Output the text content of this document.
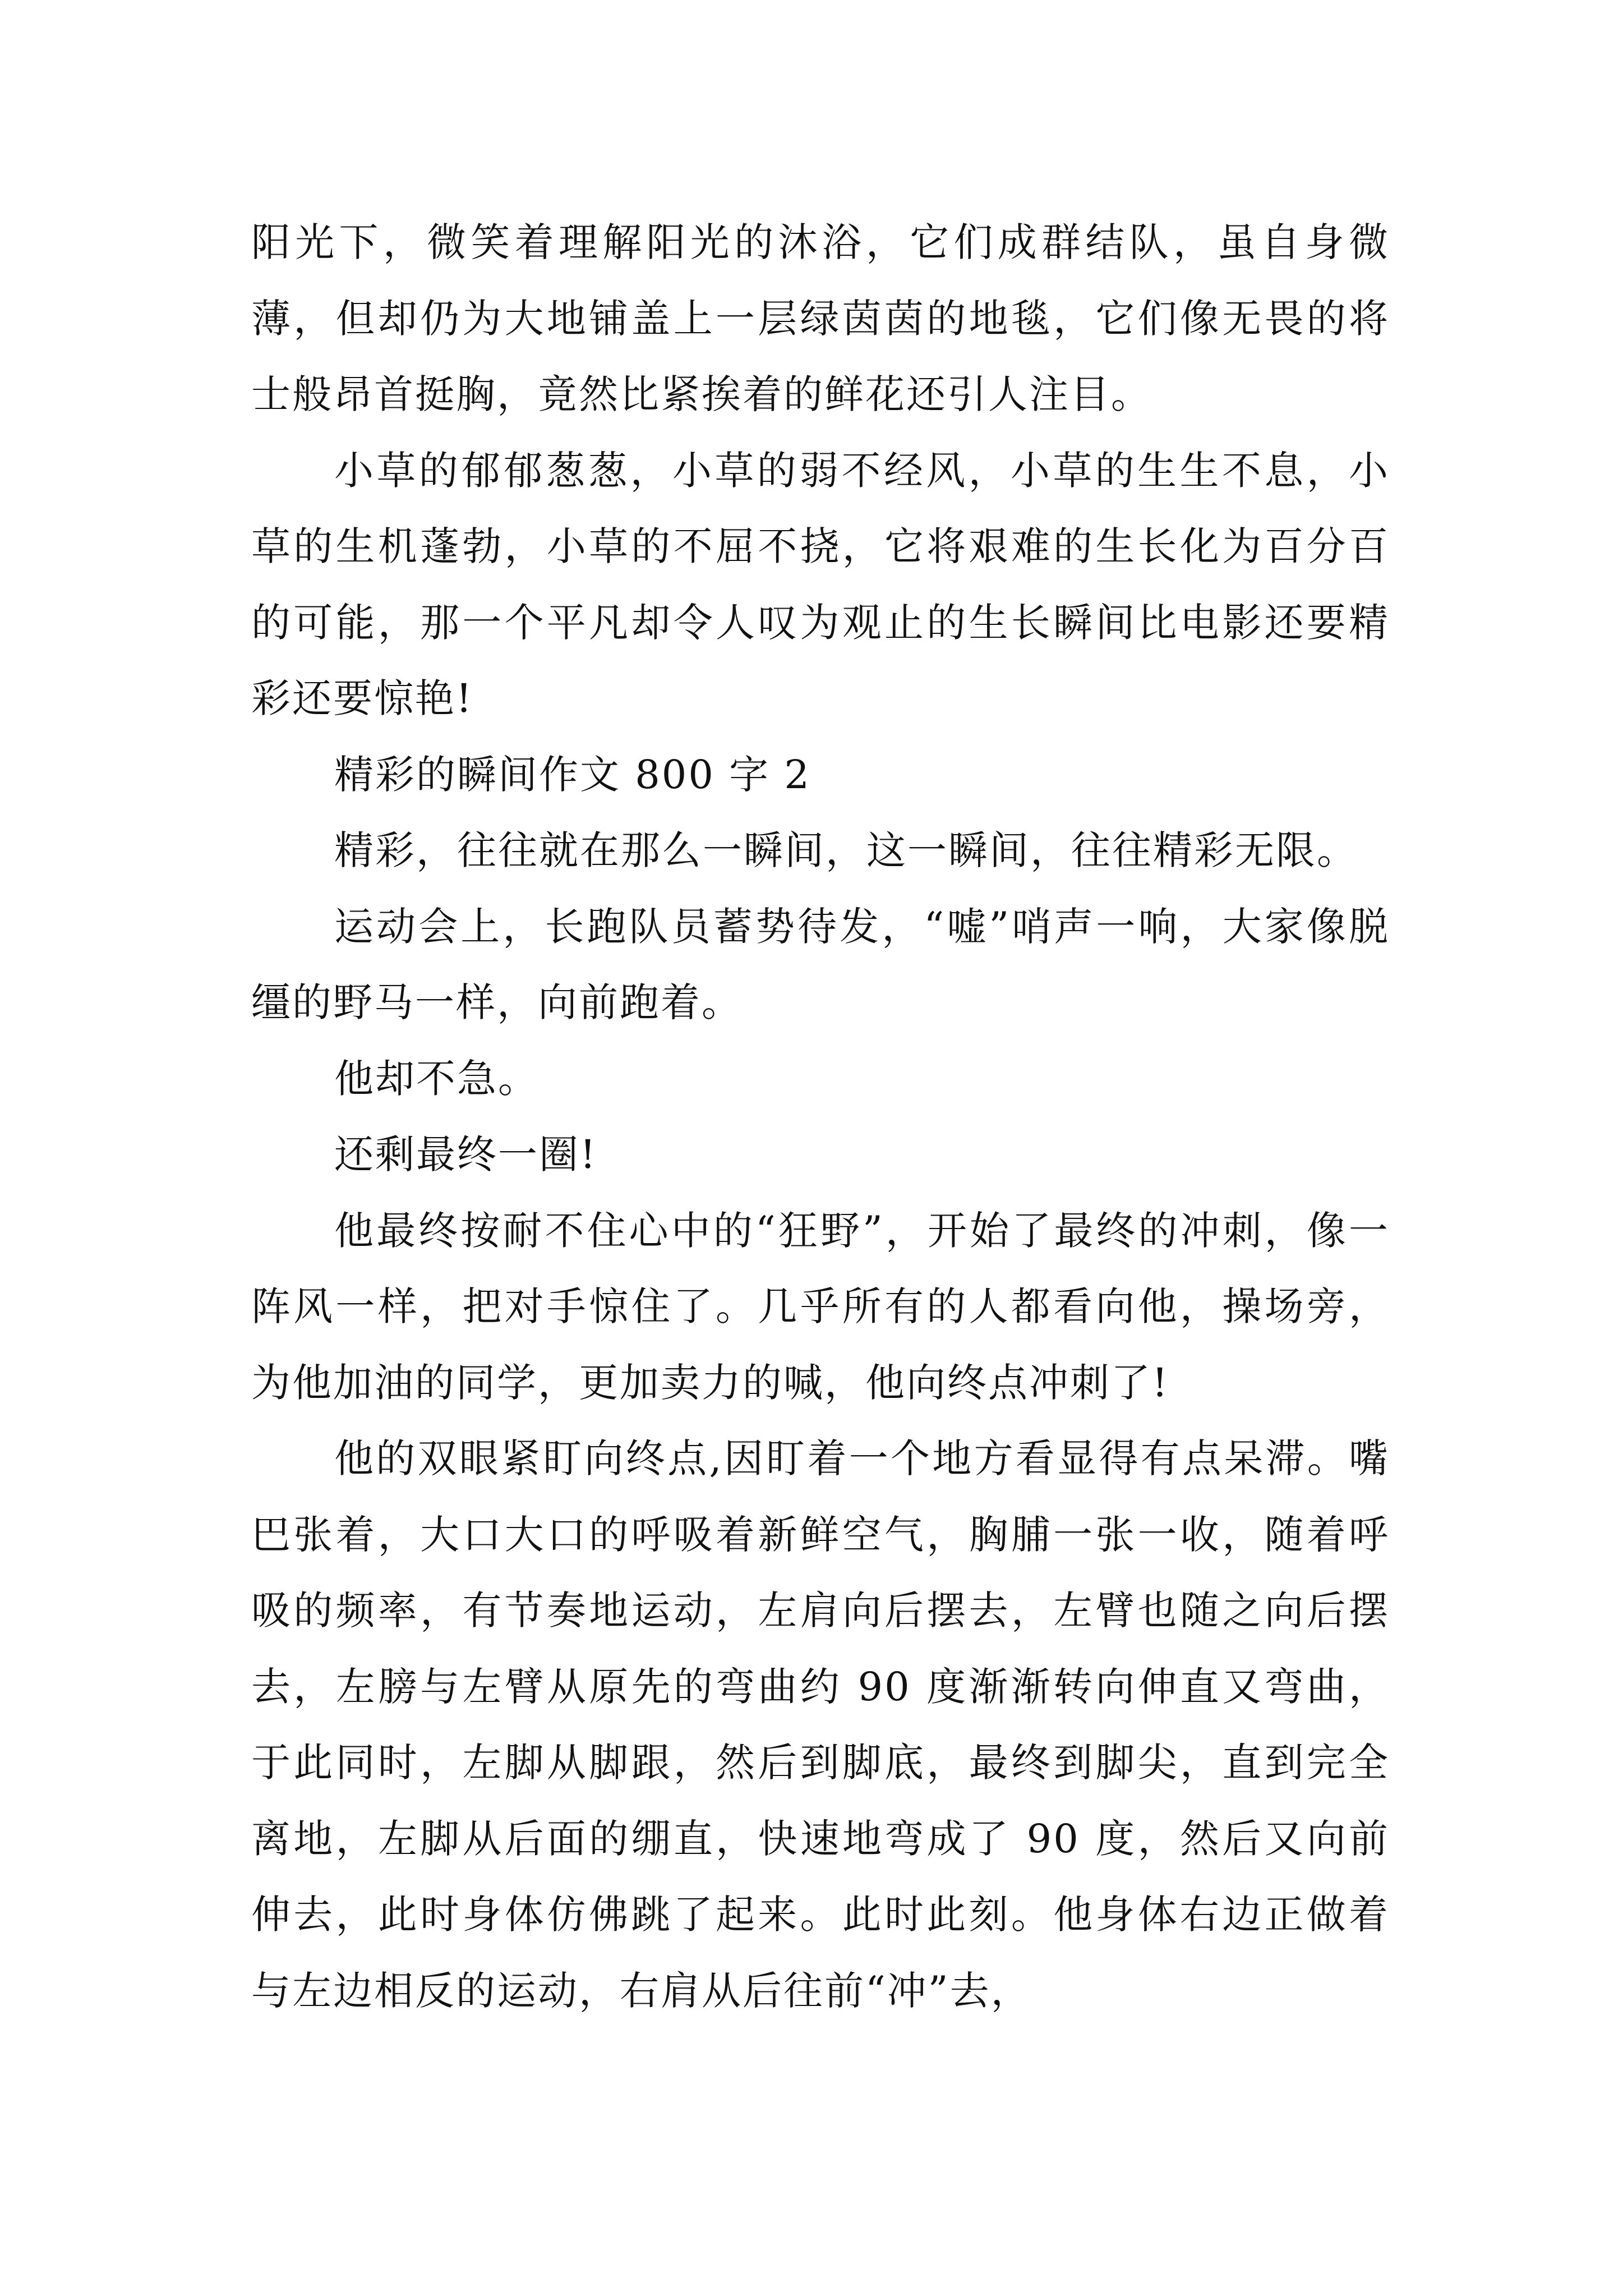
阳光下，微笑着理解阳光的沐浴，它们成群结队，虽自身微薄，但却仍为大地铺盖上一层绿茵茵的地毯，它们像无畏的将士般昂首挺胸，竟然比紧挨着的鲜花还引人注目。

小草的郁郁葱葱，小草的弱不经风，小草的生生不息，小草的生机蓬勃，小草的不屈不挠，它将艰难的生长化为百分百的可能，那一个平凡却令人叹为观止的生长瞬间比电影还要精彩还要惊艳!

精彩的瞬间作文 800 字 2

精彩，往往就在那么一瞬间，这一瞬间，往往精彩无限。

运动会上，长跑队员蓄势待发，“嘘”哨声一响，大家像脱缰的野马一样，向前跑着。

他却不急。

还剩最终一圈!

他最终按耐不住心中的“狂野”，开始了最终的冲刺，像一阵风一样，把对手惊住了。几乎所有的人都看向他，操场旁，为他加油的同学，更加卖力的喊，他向终点冲刺了!

他的双眼紧盯向终点,因盯着一个地方看显得有点呆滞。嘴巴张着，大口大口的呼吸着新鲜空气，胸脯一张一收，随着呼吸的频率，有节奏地运动，左肩向后摆去，左臂也随之向后摆去，左膀与左臂从原先的弯曲约 90 度渐渐转向伸直又弯曲，于此同时，左脚从脚跟，然后到脚底，最终到脚尖，直到完全离地，左脚从后面的绷直，快速地弯成了 90 度，然后又向前伸去，此时身体仿佛跳了起来。此时此刻。他身体右边正做着与左边相反的运动，右肩从后往前“冲”去，
